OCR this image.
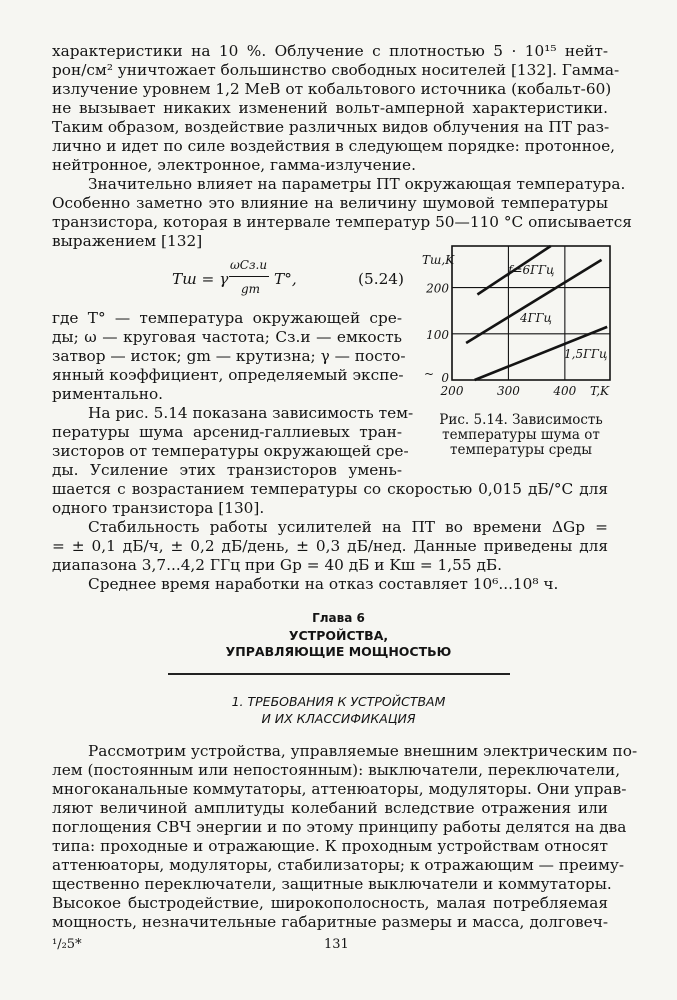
характеристики на 10 %. Облучение с плотностью 5 · 10¹⁵ нейт-
рон/см² уничтожает большинство свободных носителей [132]. Гамма-
излучение уровнем 1,2 МеВ от кобальтового источника (кобальт-60)
не вызывает никаких изменений вольт-амперной характеристики.
Таким образом, воздействие различных видов облучения на ПТ раз-
лично и идет по силе воздействия в следующем порядке: протонное,
нейтронное, электронное, гамма-излучение.
Значительно влияет на параметры ПТ окружающая температура.
Особенно заметно это влияние на величину шумовой температуры
транзистора, которая в интервале температур 50—110 °С описывается
выражением [132]
Tш = γ
ωCз.и
gm
T°,	(5.24)
где T° — температура окружающей сре-
ды; ω — круговая частота; Cз.и — емкость
затвор — исток; gm — крутизна; γ — посто-
янный коэффициент, определяемый экспе-
риментально.
На рис. 5.14 показана зависимость тем-
пературы шума арсенид-галлиевых тран-
зисторов от температуры окружающей сре-
ды. Усиление этих транзисторов умень-
f=6ГГц
4ГГц
1,5ГГц
0
100
200
200	300	400
~
Tш,K
T,K
Рис. 5.14. Зависимость
температуры шума от
температуры среды
шается с возрастанием температуры со скоростью 0,015 дБ/°С для
одного транзистора [130].
Стабильность работы усилителей на ПТ во времени ΔGр =
= ± 0,1 дБ/ч, ± 0,2 дБ/день, ± 0,3 дБ/нед. Данные приведены для
диапазона 3,7...4,2 ГГц при Gр = 40 дБ и Kш = 1,55 дБ.
Среднее время наработки на отказ составляет 10⁶...10⁸ ч.
Глава 6
УСТРОЙСТВА,
УПРАВЛЯЮЩИЕ МОЩНОСТЬЮ
1. ТРЕБОВАНИЯ К УСТРОЙСТВАМ
И ИХ КЛАССИФИКАЦИЯ
Рассмотрим устройства, управляемые внешним электрическим по-
лем (постоянным или непостоянным): выключатели, переключатели,
многоканальные коммутаторы, аттенюаторы, модуляторы. Они управ-
ляют величиной амплитуды колебаний вследствие отражения или
поглощения СВЧ энергии и по этому принципу работы делятся на два
типа: проходные и отражающие. К проходным устройствам относят
аттенюаторы, модуляторы, стабилизаторы; к отражающим — преиму-
щественно переключатели, защитные выключатели и коммутаторы.
Высокое быстродействие, широкополосность, малая потребляемая
мощность, незначительные габаритные размеры и масса, долговеч-
¹/₂5*	131
